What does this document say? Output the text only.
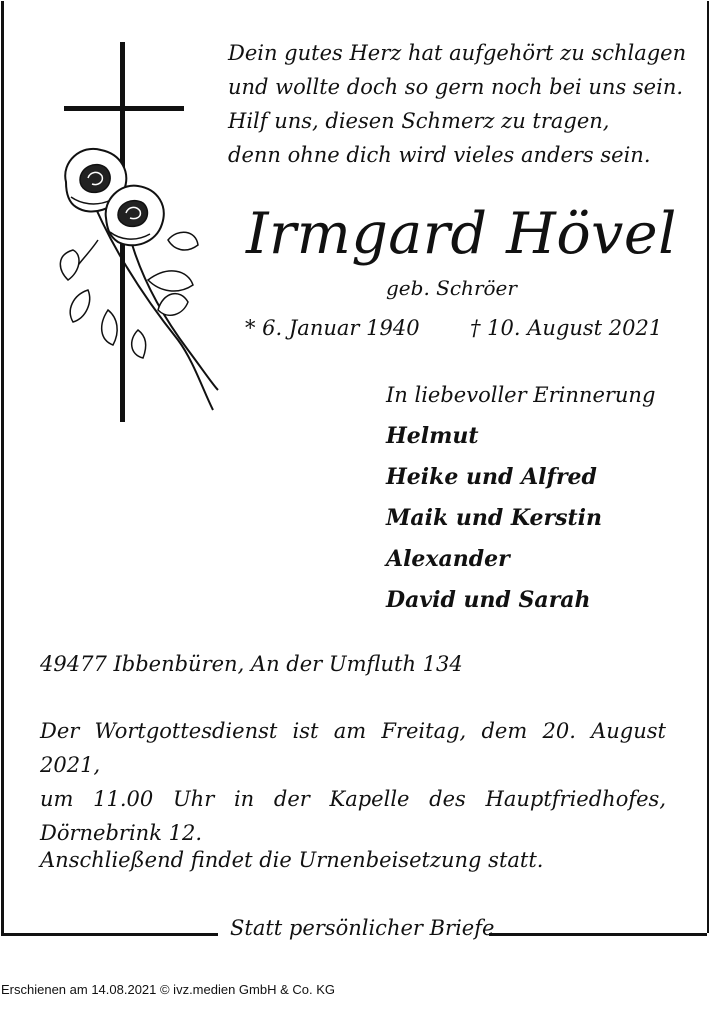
Dein gutes Herz hat aufgehört zu schlagen
und wollte doch so gern noch bei uns sein.
Hilf uns, diesen Schmerz zu tragen,
denn ohne dich wird vieles anders sein.
Irmgard Hövel
geb. Schröer
* 6. Januar 1940 † 10. August 2021
In liebevoller Erinnerung
Helmut
Heike und Alfred
Maik und Kerstin
Alexander
David und Sarah
49477 Ibbenbüren, An der Umfluth 134
Der Wortgottesdienst ist am Freitag, dem 20. August 2021,
um 11.00 Uhr in der Kapelle des Hauptfriedhofes,
Dörnebrink 12.
Anschließend findet die Urnenbeisetzung statt.
Statt persönlicher Briefe
Erschienen am 14.08.2021 © ivz.medien GmbH & Co. KG
